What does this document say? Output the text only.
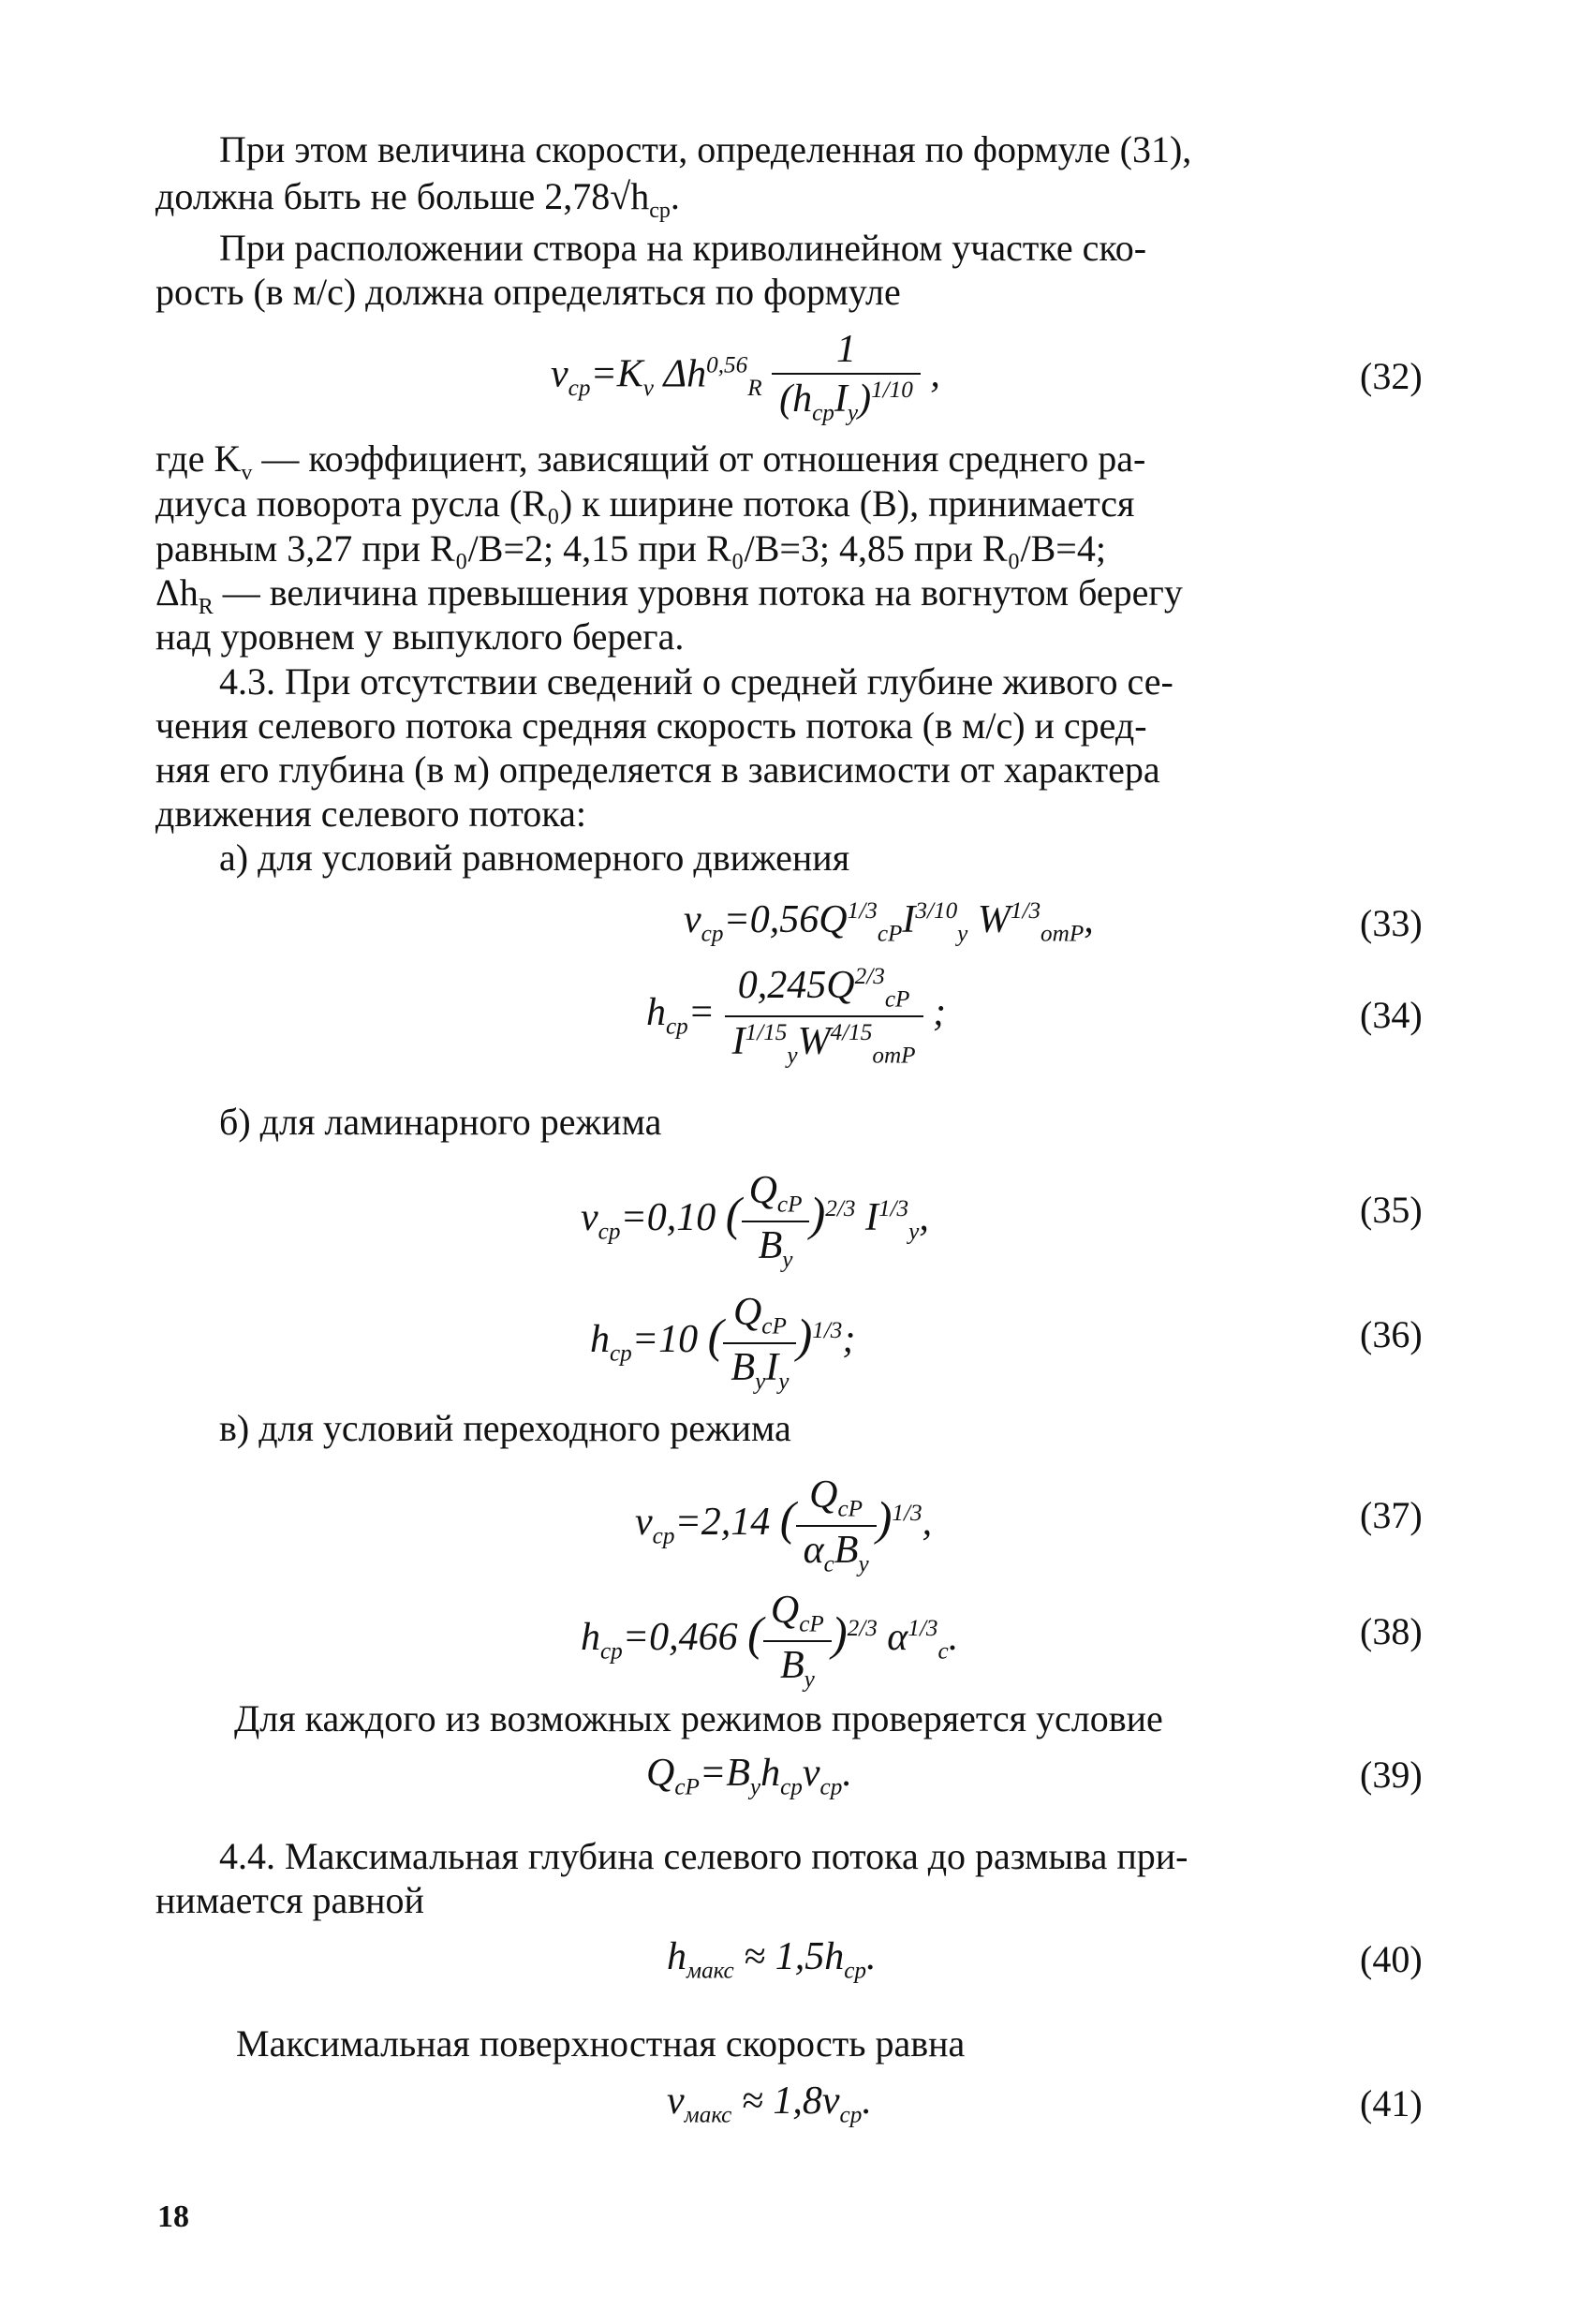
При этом величина скорости, определенная по формуле (31),
должна быть не больше $2,78√h_{ср}$.
При расположении створа на криволинейном участке ско-
рость (в м/с) должна определяться по формуле
$v_{ср}=K_v$ $\Delta h^{0,56}_R \frac{1}{(h_{ср}I_у)^{1/10}}$ ,	(32)
где $K_v$ — коэффициент, зависящий от отношения среднего ра-
диуса поворота русла (R₀) к ширине потока (B), принимается
равным 3,27 при R₀/B=2; 4,15 при R₀/B=3; 4,85 при R₀/B=4;
$\Delta h_R$ — величина превышения уровня потока на вогнутом берегу
над уровнем у выпуклого берега.
4.3. При отсутствии сведений о средней глубине живого се-
чения селевого потока средняя скорость потока (в м/с) и сред-
няя его глубина (в м) определяется в зависимости от характера
движения селевого потока:
а) для условий равномерного движения
$v_{ср}=0,56Q^{1/3}_{сР}I^{3/10}_у$ $W^{1/3}_{отР}$,	(33)
$h_{ср}= \frac{0,245Q^{2/3}_{сР}}{I^{1/15}_уW^{4/15}_{отР}}$ ;	(34)
б) для ламинарного режима
$v_{ср}=0,10$ ( $\frac{Q_{сР}}{B_у} )^{2/3}$ $I^{1/3}_у$,	(35)
$h_{ср}=10$ ( $\frac{Q_{сР}}{B_уI_у} )^{1/3}$;	(36)
в) для условий переходного режима
$v_{ср}=2,14$ ( $\frac{Q_{сР}}{\alpha_сB_у} )^{1/3}$,	(37)
$h_{ср}=0,466$ ( $\frac{Q_{сР}}{B_у} )^{2/3}$ $\alpha^{1/3}_с$.	(38)
Для каждого из возможных режимов проверяется условие
$Q_{сР}=B_уh_{ср}v_{ср}$.	(39)
4.4. Максимальная глубина селевого потока до размыва при-
нимается равной
$h_{макс} \approx 1,5h_{ср}$.	(40)
Максимальная поверхностная скорость равна
$v_{макс} \approx 1,8v_{ср}$.	(41)
18
